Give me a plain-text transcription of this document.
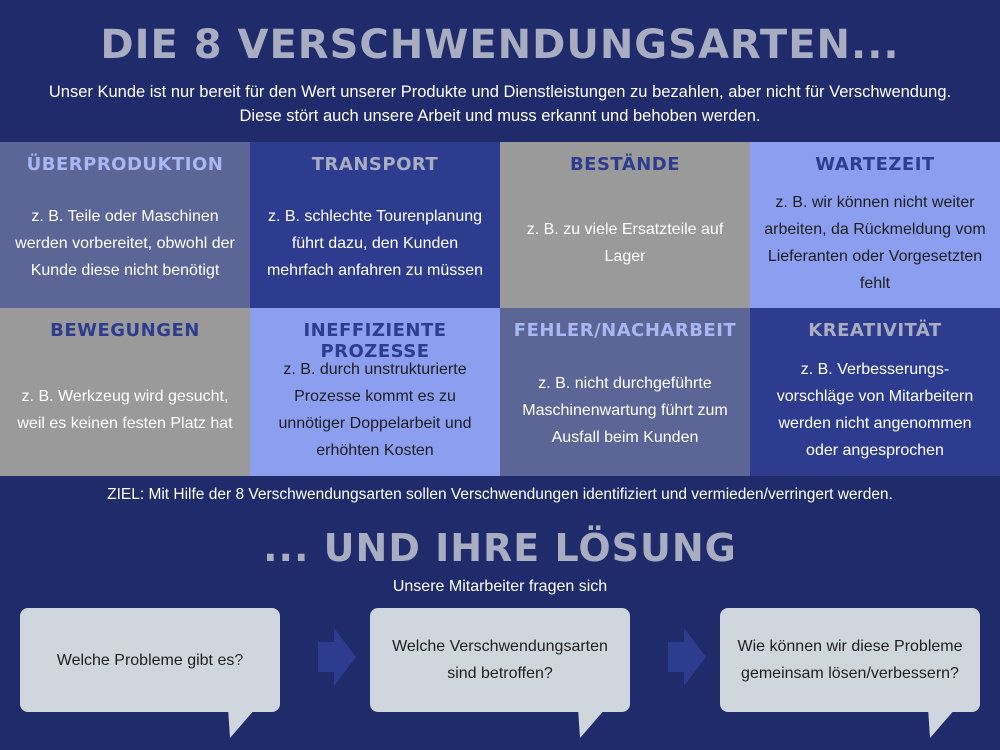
DIE 8 VERSCHWENDUNGSARTEN...
Unser Kunde ist nur bereit für den Wert unserer Produkte und Dienstleistungen zu bezahlen, aber nicht für Verschwendung.
Diese stört auch unsere Arbeit und muss erkannt und behoben werden.
ÜBERPRODUKTION
z. B. Teile oder Maschinen werden vorbereitet, obwohl der Kunde diese nicht benötigt
TRANSPORT
z. B. schlechte Tourenplanung führt dazu, den Kunden mehrfach anfahren zu müssen
BESTÄNDE
z. B. zu viele Ersatzteile auf Lager
WARTEZEIT
z. B. wir können nicht weiter arbeiten, da Rückmeldung vom Lieferanten oder Vorgesetzten fehlt
BEWEGUNGEN
z. B. Werkzeug wird gesucht, weil es keinen festen Platz hat
INEFFIZIENTE PROZESSE
z. B. durch unstrukturierte Prozesse kommt es zu unnötiger Doppelarbeit und erhöhten Kosten
FEHLER/NACHARBEIT
z. B. nicht durchgeführte Maschinenwartung führt zum Ausfall beim Kunden
KREATIVITÄT
z. B. Verbesserungs- vorschläge von Mitarbeitern werden nicht angenommen oder angesprochen
ZIEL: Mit Hilfe der 8 Verschwendungsarten sollen Verschwendungen identifiziert und vermieden/verringert werden.
... UND IHRE LÖSUNG
Unsere Mitarbeiter fragen sich
Welche Probleme gibt es?
Welche Verschwendungsarten sind betroffen?
Wie können wir diese Probleme gemeinsam lösen/verbessern?
